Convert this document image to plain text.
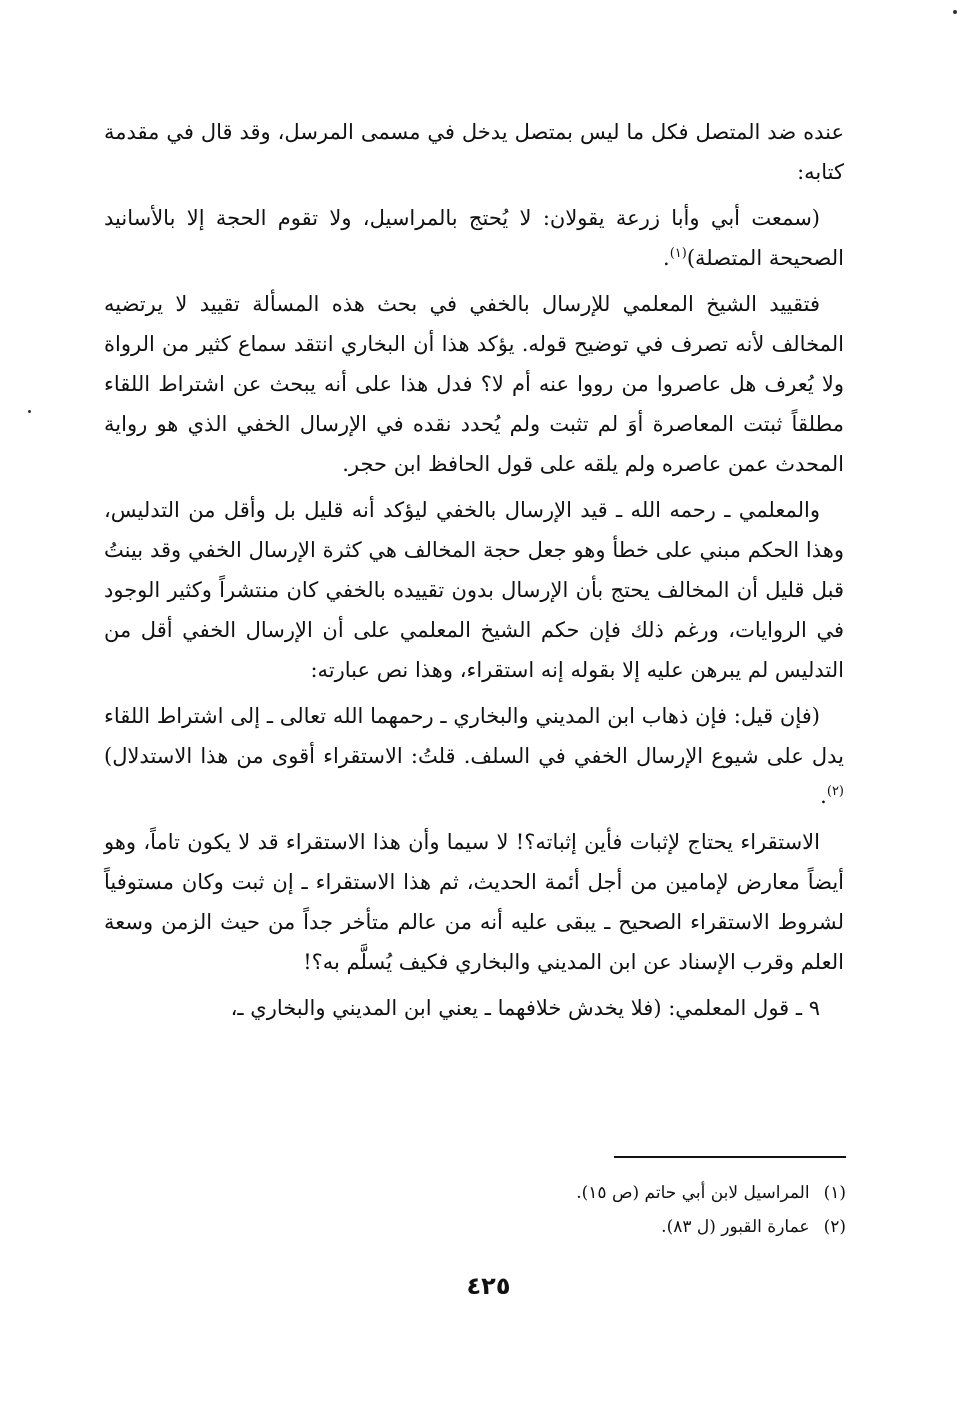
عنده ضد المتصل فكل ما ليس بمتصل يدخل في مسمى المرسل، وقد قال في مقدمة كتابه:

(سمعت أبي وأبا زرعة يقولان: لا يُحتج بالمراسيل، ولا تقوم الحجة إلا بالأسانيد الصحيحة المتصلة)$^{(١)}$.

فتقييد الشيخ المعلمي للإرسال بالخفي في بحث هذه المسألة تقييد لا يرتضيه المخالف لأنه تصرف في توضيح قوله. يؤكد هذا أن البخاري انتقد سماع كثير من الرواة ولا يُعرف هل عاصروا من رووا عنه أم لا؟ فدل هذا على أنه يبحث عن اشتراط اللقاء مطلقاً ثبتت المعاصرة أوَ لم تثبت ولم يُحدد نقده في الإرسال الخفي الذي هو رواية المحدث عمن عاصره ولم يلقه على قول الحافظ ابن حجر.

والمعلمي ـ رحمه الله ـ قيد الإرسال بالخفي ليؤكد أنه قليل بل وأقل من التدليس، وهذا الحكم مبني على خطأ وهو جعل حجة المخالف هي كثرة الإرسال الخفي وقد بينتُ قبل قليل أن المخالف يحتج بأن الإرسال بدون تقييده بالخفي كان منتشراً وكثير الوجود في الروايات، ورغم ذلك فإن حكم الشيخ المعلمي على أن الإرسال الخفي أقل من التدليس لم يبرهن عليه إلا بقوله إنه استقراء، وهذا نص عبارته:

(فإن قيل: فإن ذهاب ابن المديني والبخاري ـ رحمهما الله تعالى ـ إلى اشتراط اللقاء يدل على شيوع الإرسال الخفي في السلف. قلتُ: الاستقراء أقوى من هذا الاستدلال)$^{(٢)}$.

الاستقراء يحتاج لإثبات فأين إثباته؟! لا سيما وأن هذا الاستقراء قد لا يكون تاماً، وهو أيضاً معارض لإمامين من أجل أئمة الحديث، ثم هذا الاستقراء ـ إن ثبت وكان مستوفياً لشروط الاستقراء الصحيح ـ يبقى عليه أنه من عالم متأخر جداً من حيث الزمن وسعة العلم وقرب الإسناد عن ابن المديني والبخاري فكيف يُسلَّم به؟!

٩ ـ قول المعلمي: (فلا يخدش خلافهما ـ يعني ابن المديني والبخاري ـ،

(١)المراسيل لابن أبي حاتم (ص ١٥).

(٢)عمارة القبور (ل ٨٣).

٤٢٥
